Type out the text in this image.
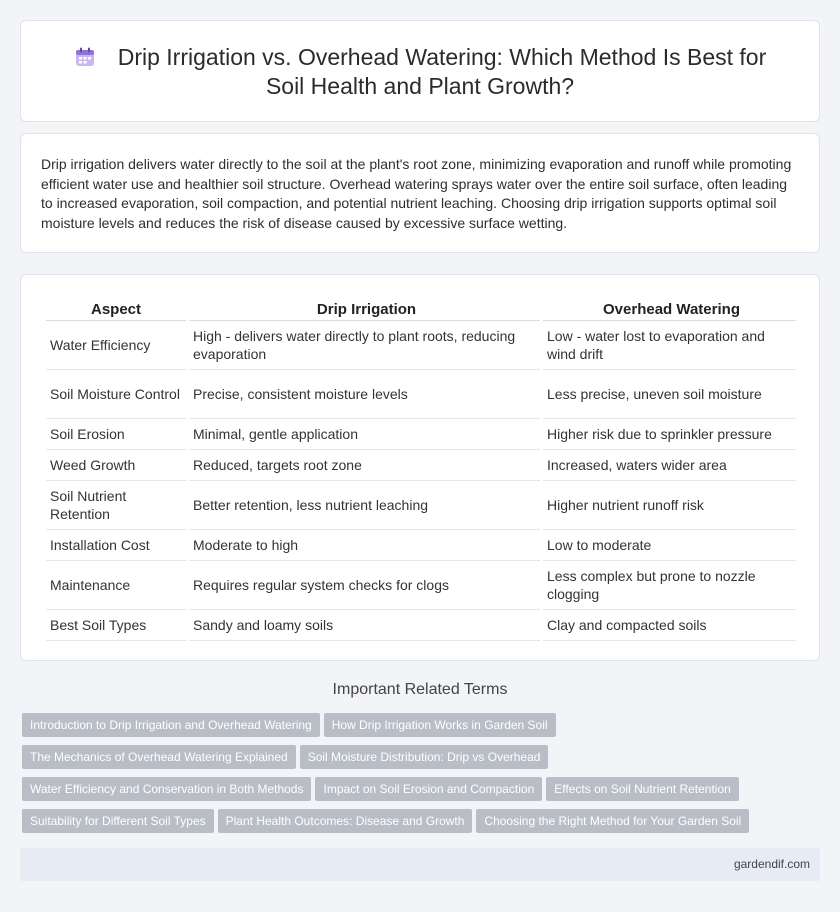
Drip Irrigation vs. Overhead Watering: Which Method Is Best for
Soil Health and Plant Growth?

Drip irrigation delivers water directly to the soil at the plant's root zone, minimizing evaporation and runoff while promoting efficient water use and healthier soil structure. Overhead watering sprays water over the entire soil surface, often leading to increased evaporation, soil compaction, and potential nutrient leaching. Choosing drip irrigation supports optimal soil moisture levels and reduces the risk of disease caused by excessive surface wetting.

Aspect	Drip Irrigation	Overhead Watering
Water Efficiency	High - delivers water directly to plant roots, reducing evaporation	Low - water lost to evaporation and wind drift
Soil Moisture Control	Precise, consistent moisture levels	Less precise, uneven soil moisture
Soil Erosion	Minimal, gentle application	Higher risk due to sprinkler pressure
Weed Growth	Reduced, targets root zone	Increased, waters wider area
Soil Nutrient Retention	Better retention, less nutrient leaching	Higher nutrient runoff risk
Installation Cost	Moderate to high	Low to moderate
Maintenance	Requires regular system checks for clogs	Less complex but prone to nozzle clogging
Best Soil Types	Sandy and loamy soils	Clay and compacted soils
Important Related Terms
Introduction to Drip Irrigation and Overhead Watering How Drip Irrigation Works in Garden Soil
The Mechanics of Overhead Watering Explained Soil Moisture Distribution: Drip vs Overhead
Water Efficiency and Conservation in Both Methods Impact on Soil Erosion and Compaction Effects on Soil Nutrient Retention
Suitability for Different Soil Types Plant Health Outcomes: Disease and Growth Choosing the Right Method for Your Garden Soil
gardendif.com
